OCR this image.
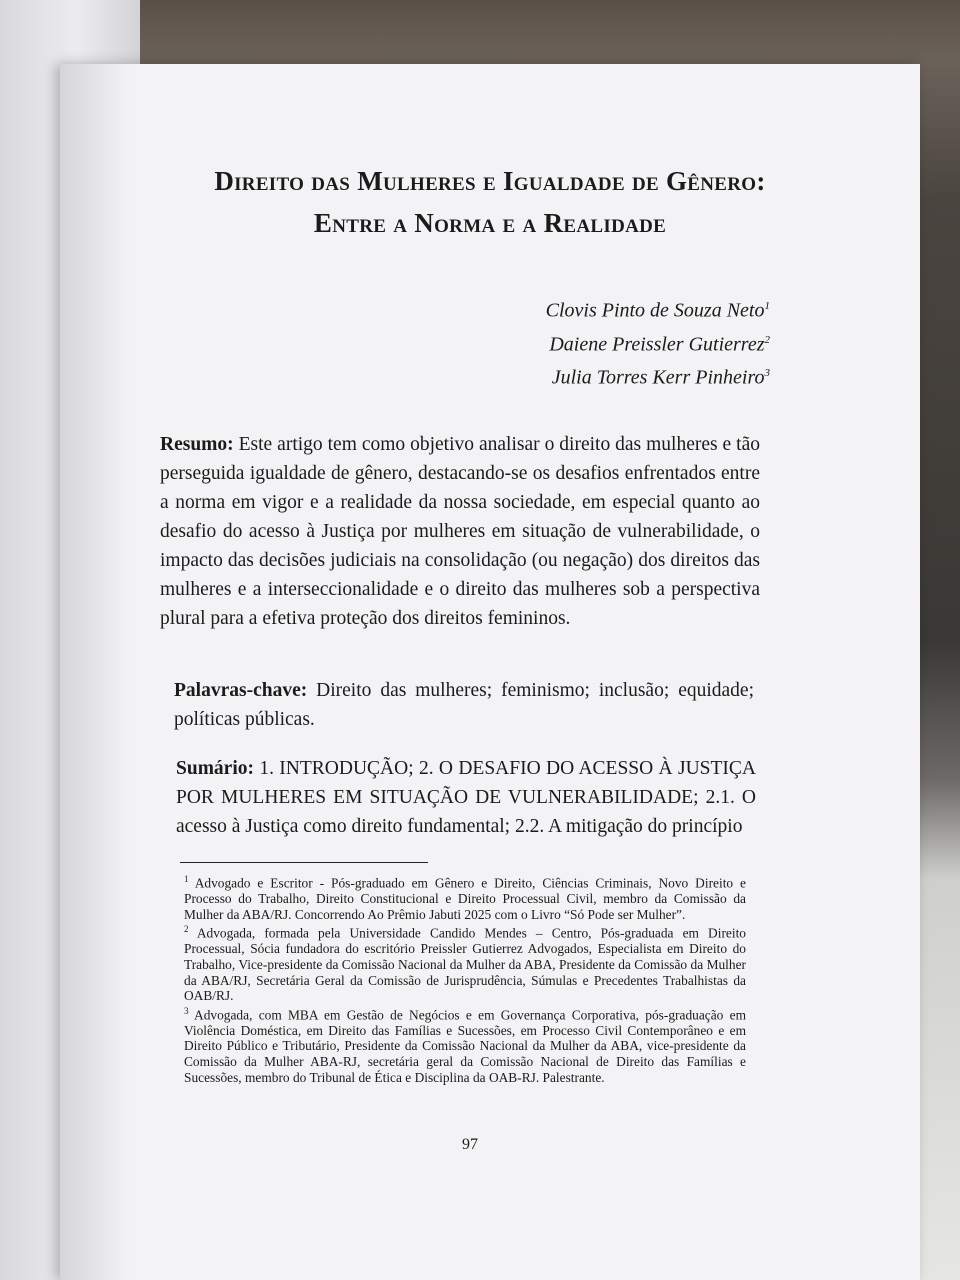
Direito das Mulheres e Igualdade de Gênero:
Entre a Norma e a Realidade
Clovis Pinto de Souza Neto$^1$
Daiene Preissler Gutierrez$^2$
Julia Torres Kerr Pinheiro$^3$
Resumo: Este artigo tem como objetivo analisar o direito das mulheres e tão perseguida igualdade de gênero, destacando-se os desafios enfrentados entre a norma em vigor e a realidade da nossa sociedade, em especial quanto ao desafio do acesso à Justiça por mulheres em situação de vulnerabilidade, o impacto das decisões judiciais na consolidação (ou negação) dos direitos das mulheres e a interseccionalidade e o direito das mulheres sob a perspectiva plural para a efetiva proteção dos direitos femininos.
Palavras-chave: Direito das mulheres; feminismo; inclusão; equidade; políticas públicas.
Sumário: 1. INTRODUÇÃO; 2. O DESAFIO DO ACESSO À JUSTIÇA POR MULHERES EM SITUAÇÃO DE VULNERABILIDADE; 2.1. O acesso à Justiça como direito fundamental; 2.2. A mitigação do princípio

$^1$ Advogado e Escritor - Pós-graduado em Gênero e Direito, Ciências Criminais, Novo Direito e Processo do Trabalho, Direito Constitucional e Direito Processual Civil, membro da Comissão da Mulher da ABA/RJ. Concorrendo Ao Prêmio Jabuti 2025 com o Livro “Só Pode ser Mulher”.

$^2$ Advogada, formada pela Universidade Candido Mendes – Centro, Pós-graduada em Direito Processual, Sócia fundadora do escritório Preissler Gutierrez Advogados, Especialista em Direito do Trabalho, Vice-presidente da Comissão Nacional da Mulher da ABA, Presidente da Comissão da Mulher da ABA/RJ, Secretária Geral da Comissão de Jurisprudência, Súmulas e Precedentes Trabalhistas da OAB/RJ.

$^3$ Advogada, com MBA em Gestão de Negócios e em Governança Corporativa, pós-graduação em Violência Doméstica, em Direito das Famílias e Sucessões, em Processo Civil Contemporâneo e em Direito Público e Tributário, Presidente da Comissão Nacional da Mulher da ABA, vice-presidente da Comissão da Mulher ABA-RJ, secretária geral da Comissão Nacional de Direito das Famílias e Sucessões, membro do Tribunal de Ética e Disciplina da OAB-RJ. Palestrante.

97
